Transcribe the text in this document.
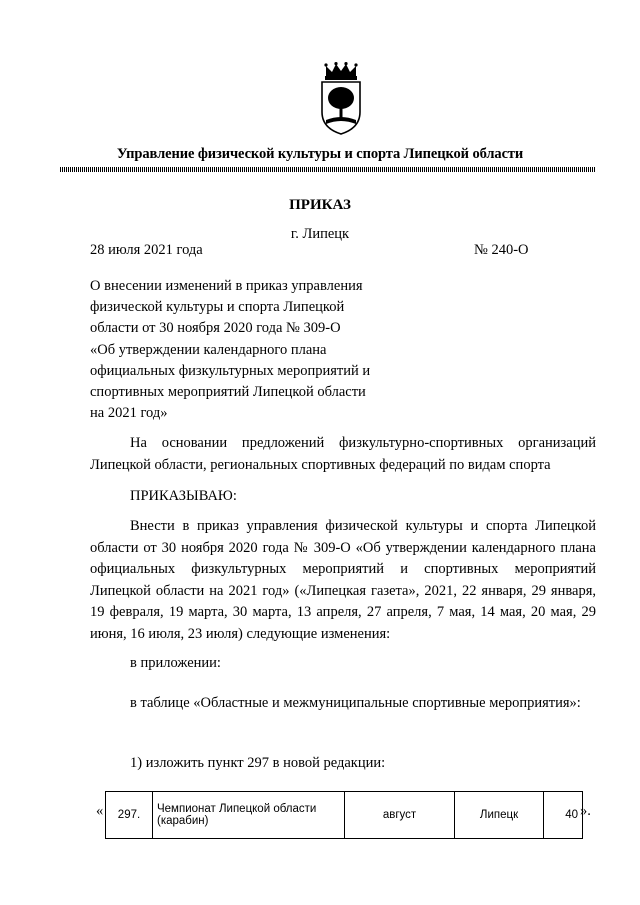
Управление физической культуры и спорта Липецкой области
ПРИКАЗ
г. Липецк
28 июля 2021 года	№ 240-О
О внесении изменений в приказ управления
физической культуры и спорта Липецкой
области от 30 ноября 2020 года № 309-О
«Об утверждении календарного плана
официальных физкультурных мероприятий и
спортивных мероприятий Липецкой области
на 2021 год»

На основании предложений физкультурно-спортивных организаций Липецкой области, региональных спортивных федераций по видам спорта

ПРИКАЗЫВАЮ:

Внести в приказ управления физической культуры и спорта Липецкой области от 30 ноября 2020 года № 309-О «Об утверждении календарного плана официальных физкультурных мероприятий и спортивных мероприятий Липецкой области на 2021 год» («Липецкая газета», 2021, 22 января, 29 января, 19 февраля, 19 марта, 30 марта, 13 апреля, 27 апреля, 7 мая, 14 мая, 20 мая, 29 июня, 16 июля, 23 июля) следующие изменения:

в приложении:

в таблице «Областные и межмуниципальные спортивные мероприятия»:

1) изложить пункт 297 в новой редакции:

« 297.	Чемпионат Липецкой области (карабин)	август	Липецк	40 ».
